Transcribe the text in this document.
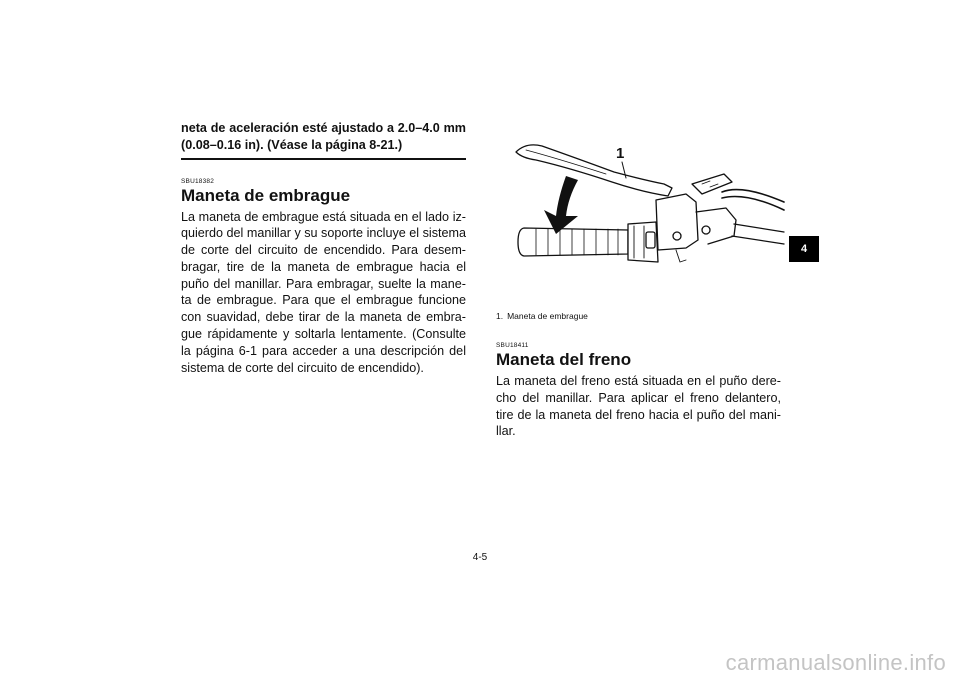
neta de aceleración esté ajustado a 2.0–4.0 mm

(0.08–0.16 in). (Véase la página 8-21.)

SBU18382

Maneta de embrague

La maneta de embrague está situada en el lado iz-quierdo del manillar y su soporte incluye el sistema de corte del circuito de encendido. Para desem-bragar, tire de la maneta de embrague hacia el puño del manillar. Para embragar, suelte la mane-ta de embrague. Para que el embrague funcione con suavidad, debe tirar de la maneta de embra-gue rápidamente y soltarla lentamente. (Consulte la página 6-1 para acceder a una descripción del sistema de corte del circuito de encendido).

1
1. Maneta de embrague

SBU18411

Maneta del freno

La maneta del freno está situada en el puño dere-cho del manillar. Para aplicar el freno delantero, tire de la maneta del freno hacia el puño del mani-llar.

4
4-5
carmanualsonline.info
